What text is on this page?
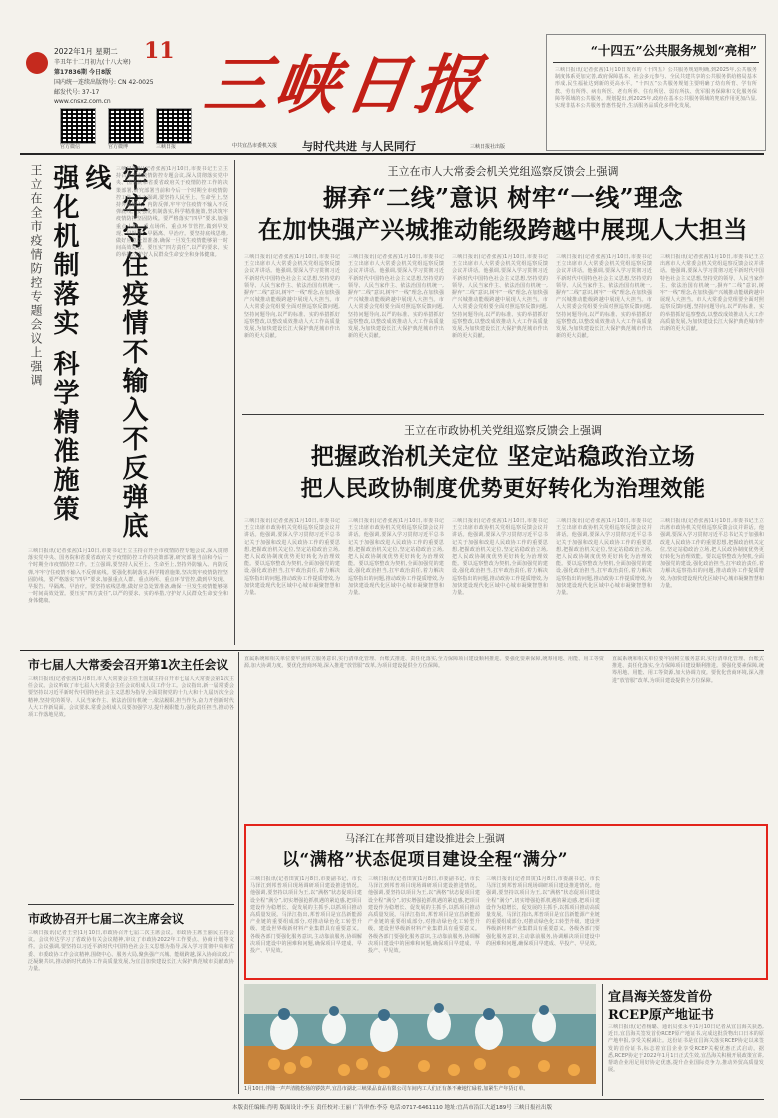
2022年1月 星期二
辛丑年十二月初九(十八大寒)
第17836期 今日8版
国内统一连续出版物号: CN 42-0025
邮发代号: 37-17
www.cnsxz.com.cn
11
官方微信	官方微博	三峡日报
三峡日报
中共宜昌市委机关报 与时代共进 与人民同行	三峡日报社出版
“十四五”公共服务规划“亮相”
三峡日报讯(记者张茜)1月10日发布的《十四五》公共服务规划明确,到2025年,公共服务制度体系更加完善,政府保障基本、社会多元参与、全民共建共享的公共服务供给格局基本形成,民生福祉达到新的更高水平。“十四五”公共服务规划主要明确了幼有所育、学有所教、劳有所得、病有所医、老有所养、住有所居、弱有所扶、优军服务保障和文化服务保障等领域的公共服务。规划提出,到2025年,政府在基本公共服务领域的兜底作用更加凸显,实现非基本公共服务普惠性提升,生活服务品质化多样化发展。
王立在全市疫情防控专题会议上强调 强化机制落实 科学精准施策	牢牢守住疫情不输入不反弹底线	三峡日报讯(记者张茜)1月10日,市委书记王立主持召开全市疫情防控专题会议,深入贯彻落实党中央、国务院和省委省政府关于疫情防控工作的决策部署,研究部署当前和今后一个时期全市疫情防控工作。王立强调,要坚持人民至上、生命至上,坚持外防输入、内防反弹,牢牢守住疫情不输入不反弹底线。要强化机制落实,科学精准施策,坚决筑牢疫情防控坚固防线。要严格落实“四早”要求,加强重点人群、重点场所、重点环节管控,做到早发现、早报告、早隔离、早治疗。要坚持底线思维,做好应急处置准备,确保一旦发生疫情能够第一时间高效处置。要压实“四方责任”,以严的要求、实的举措,守护好人民群众生命安全和身体健康。
三峡日报讯(记者张茜)1月10日,市委书记王立主持召开全市疫情防控专题会议,深入贯彻落实党中央、国务院和省委省政府关于疫情防控工作的决策部署,研究部署当前和今后一个时期全市疫情防控工作。王立强调,要坚持人民至上、生命至上,坚持外防输入、内防反弹,牢牢守住疫情不输入不反弹底线。要强化机制落实,科学精准施策,坚决筑牢疫情防控坚固防线。要严格落实“四早”要求,加强重点人群、重点场所、重点环节管控,做到早发现、早报告、早隔离、早治疗。要坚持底线思维,做好应急处置准备,确保一旦发生疫情能够第一时间高效处置。要压实“四方责任”,以严的要求、实的举措,守护好人民群众生命安全和身体健康。
王立在市人大常委会机关党组巡察反馈会上强调
摒弃“二线”意识 树牢“一线”理念
在加快强产兴城推动能级跨越中展现人大担当
三峡日报讯(记者张茜)1月10日,市委书记王立出席市人大常委会机关党组巡察反馈会议并讲话。他强调,要深入学习贯彻习近平新时代中国特色社会主义思想,坚持党的领导、人民当家作主、依法治国有机统一,摒弃“二线”意识,树牢“一线”理念,在加快强产兴城推动能级跨越中展现人大担当。市人大常委会党组要全面对照巡察反馈问题,坚持问题导向,以严的标准、实的举措抓好巡察整改,以整改成效推动人大工作高质量发展,为加快建设长江大保护典范城市作出新的更大贡献。
三峡日报讯(记者张茜)1月10日,市委书记王立出席市人大常委会机关党组巡察反馈会议并讲话。他强调,要深入学习贯彻习近平新时代中国特色社会主义思想,坚持党的领导、人民当家作主、依法治国有机统一,摒弃“二线”意识,树牢“一线”理念,在加快强产兴城推动能级跨越中展现人大担当。市人大常委会党组要全面对照巡察反馈问题,坚持问题导向,以严的标准、实的举措抓好巡察整改,以整改成效推动人大工作高质量发展,为加快建设长江大保护典范城市作出新的更大贡献。
三峡日报讯(记者张茜)1月10日,市委书记王立出席市人大常委会机关党组巡察反馈会议并讲话。他强调,要深入学习贯彻习近平新时代中国特色社会主义思想,坚持党的领导、人民当家作主、依法治国有机统一,摒弃“二线”意识,树牢“一线”理念,在加快强产兴城推动能级跨越中展现人大担当。市人大常委会党组要全面对照巡察反馈问题,坚持问题导向,以严的标准、实的举措抓好巡察整改,以整改成效推动人大工作高质量发展,为加快建设长江大保护典范城市作出新的更大贡献。
三峡日报讯(记者张茜)1月10日,市委书记王立出席市人大常委会机关党组巡察反馈会议并讲话。他强调,要深入学习贯彻习近平新时代中国特色社会主义思想,坚持党的领导、人民当家作主、依法治国有机统一,摒弃“二线”意识,树牢“一线”理念,在加快强产兴城推动能级跨越中展现人大担当。市人大常委会党组要全面对照巡察反馈问题,坚持问题导向,以严的标准、实的举措抓好巡察整改,以整改成效推动人大工作高质量发展,为加快建设长江大保护典范城市作出新的更大贡献。
三峡日报讯(记者张茜)1月10日,市委书记王立出席市人大常委会机关党组巡察反馈会议并讲话。他强调,要深入学习贯彻习近平新时代中国特色社会主义思想,坚持党的领导、人民当家作主、依法治国有机统一,摒弃“二线”意识,树牢“一线”理念,在加快强产兴城推动能级跨越中展现人大担当。市人大常委会党组要全面对照巡察反馈问题,坚持问题导向,以严的标准、实的举措抓好巡察整改,以整改成效推动人大工作高质量发展,为加快建设长江大保护典范城市作出新的更大贡献。
王立在市政协机关党组巡察反馈会上强调
把握政治机关定位 坚定站稳政治立场
把人民政协制度优势更好转化为治理效能
三峡日报讯(记者张茜)1月10日,市委书记王立出席市政协机关党组巡察反馈会议并讲话。他强调,要深入学习贯彻习近平总书记关于加强和改进人民政协工作的重要思想,把握政治机关定位,坚定站稳政治立场,把人民政协制度优势更好转化为治理效能。要以巡察整改为契机,全面加强党的建设,强化政治担当,扛牢政治责任,着力解决巡察指出的问题,推动政协工作提质增效,为加快建设现代化区域中心城市凝聚智慧和力量。
三峡日报讯(记者张茜)1月10日,市委书记王立出席市政协机关党组巡察反馈会议并讲话。他强调,要深入学习贯彻习近平总书记关于加强和改进人民政协工作的重要思想,把握政治机关定位,坚定站稳政治立场,把人民政协制度优势更好转化为治理效能。要以巡察整改为契机,全面加强党的建设,强化政治担当,扛牢政治责任,着力解决巡察指出的问题,推动政协工作提质增效,为加快建设现代化区域中心城市凝聚智慧和力量。
三峡日报讯(记者张茜)1月10日,市委书记王立出席市政协机关党组巡察反馈会议并讲话。他强调,要深入学习贯彻习近平总书记关于加强和改进人民政协工作的重要思想,把握政治机关定位,坚定站稳政治立场,把人民政协制度优势更好转化为治理效能。要以巡察整改为契机,全面加强党的建设,强化政治担当,扛牢政治责任,着力解决巡察指出的问题,推动政协工作提质增效,为加快建设现代化区域中心城市凝聚智慧和力量。
三峡日报讯(记者张茜)1月10日,市委书记王立出席市政协机关党组巡察反馈会议并讲话。他强调,要深入学习贯彻习近平总书记关于加强和改进人民政协工作的重要思想,把握政治机关定位,坚定站稳政治立场,把人民政协制度优势更好转化为治理效能。要以巡察整改为契机,全面加强党的建设,强化政治担当,扛牢政治责任,着力解决巡察指出的问题,推动政协工作提质增效,为加快建设现代化区域中心城市凝聚智慧和力量。
三峡日报讯(记者张茜)1月10日,市委书记王立出席市政协机关党组巡察反馈会议并讲话。他强调,要深入学习贯彻习近平总书记关于加强和改进人民政协工作的重要思想,把握政治机关定位,坚定站稳政治立场,把人民政协制度优势更好转化为治理效能。要以巡察整改为契机,全面加强党的建设,强化政治担当,扛牢政治责任,着力解决巡察指出的问题,推动政协工作提质增效,为加快建设现代化区域中心城市凝聚智慧和力量。
市七届人大常委会召开第1次主任会议
三峡日报讯(记者张茜)1月8日,市人大常委会主任王国斌主持召开市七届人大常委会第1次主任会议。会议听取了市七届人大常委会主任会议组成人员工作分工。会议指出,新一届常委会要坚持以习近平新时代中国特色社会主义思想为指导,全面贯彻党的十九大和十九届历次全会精神,坚持党的领导、人民当家作主、依法治国有机统一,依法履职,担当作为,奋力开创新时代人大工作新局面。会议要求,常委会组成人员要加强学习,提升履职能力,强化责任担当,推动各项工作落地见效。
市政协召开七届二次主席会议
三峡日报讯(记者王莹)1月10日,市政协召开七届二次主席会议。市政协主席王丽民主持会议。会议传达学习了省政协有关会议精神,审议了市政协2022年工作要点、协商计划等文件。会议强调,要坚持以习近平新时代中国特色社会主义思想为指导,深入学习贯彻中央和省委、市委政协工作会议精神,围绕中心、服务大局,聚焦强产兴城、能级跨越,深入协商议政,广泛凝聚共识,推动新时代政协工作高质量发展,为宜昌加快建设长江大保护典范城市贡献政协力量。
直属系统和相关单位要牢固树立服务意识,实行清单化管理、台账式推进、责任化落实,全力保障项目建设顺利推进。要强化要素保障,统筹用地、用能、用工等资源,加大协调力度。要优化营商环境,深入推进“放管服”改革,为项目建设提供全方位保障。
直属系统和相关单位要牢固树立服务意识,实行清单化管理、台账式推进、责任化落实,全力保障项目建设顺利推进。要强化要素保障,统筹用地、用能、用工等资源,加大协调力度。要优化营商环境,深入推进“放管服”改革,为项目建设提供全方位保障。
马泽江在邦普项目建设推进会上强调
以“满格”状态促项目建设全程“满分”
三峡日报讯(记者田寅)1月8日,市委副书记、市长马泽江到邦普项目现场调研项目建设推进情况。他强调,要坚持以项目为王,以“满格”状态促项目建设全程“满分”,切实增强抢抓机遇的紧迫感,把项目建设作为稳增长、促发展的主抓手,以抓项目推动高质量发展。马泽江指出,邦普项目是宜昌新能源产业链的重要组成部分,对推动绿色化工转型升级、建设世界级新材料产业集群具有重要意义。各级各部门要强化服务意识,主动靠前服务,协调解决项目建设中的困难和问题,确保项目早建成、早投产、早见效。
三峡日报讯(记者田寅)1月8日,市委副书记、市长马泽江到邦普项目现场调研项目建设推进情况。他强调,要坚持以项目为王,以“满格”状态促项目建设全程“满分”,切实增强抢抓机遇的紧迫感,把项目建设作为稳增长、促发展的主抓手,以抓项目推动高质量发展。马泽江指出,邦普项目是宜昌新能源产业链的重要组成部分,对推动绿色化工转型升级、建设世界级新材料产业集群具有重要意义。各级各部门要强化服务意识,主动靠前服务,协调解决项目建设中的困难和问题,确保项目早建成、早投产、早见效。
三峡日报讯(记者田寅)1月8日,市委副书记、市长马泽江到邦普项目现场调研项目建设推进情况。他强调,要坚持以项目为王,以“满格”状态促项目建设全程“满分”,切实增强抢抓机遇的紧迫感,把项目建设作为稳增长、促发展的主抓手,以抓项目推动高质量发展。马泽江指出,邦普项目是宜昌新能源产业链的重要组成部分,对推动绿色化工转型升级、建设世界级新材料产业集群具有重要意义。各级各部门要强化服务意识,主动靠前服务,协调解决项目建设中的困难和问题,确保项目早建成、早投产、早见效。
1月10日,伴随一声声清脆悠扬的锣鼓声,宜昌市湖北三峡果品食品有限公司车间内工人们正有条不紊地忙碌着,加紧生产年货订单。
宜昌海关签发首份
RCEP原产地证书
三峡日报讯(记者杨璐、通讯员张永平)1月10日记者从宜昌海关获悉,近日,宜昌海关签发首份RCEP原产地证书,完成这批货物出口日本的原产地申报,享受关税减让。这份证书是宜昌海关落实RCEP协定以来签发的首份证书,标志着宜昌企业享受RCEP关税优惠正式启动。据悉,RCEP协定于2022年1月1日正式生效,宜昌海关积极开展政策宣讲,帮助企业用足用好协定优惠,提升企业国际竞争力,推动外贸高质量发展。
本版责任编辑:肖明 版面设计:李玉 责任校对:王丽 广告审查:李芬 电话:0717-6461110 地址:宜昌市沿江大道189号 三峡日报社出版
